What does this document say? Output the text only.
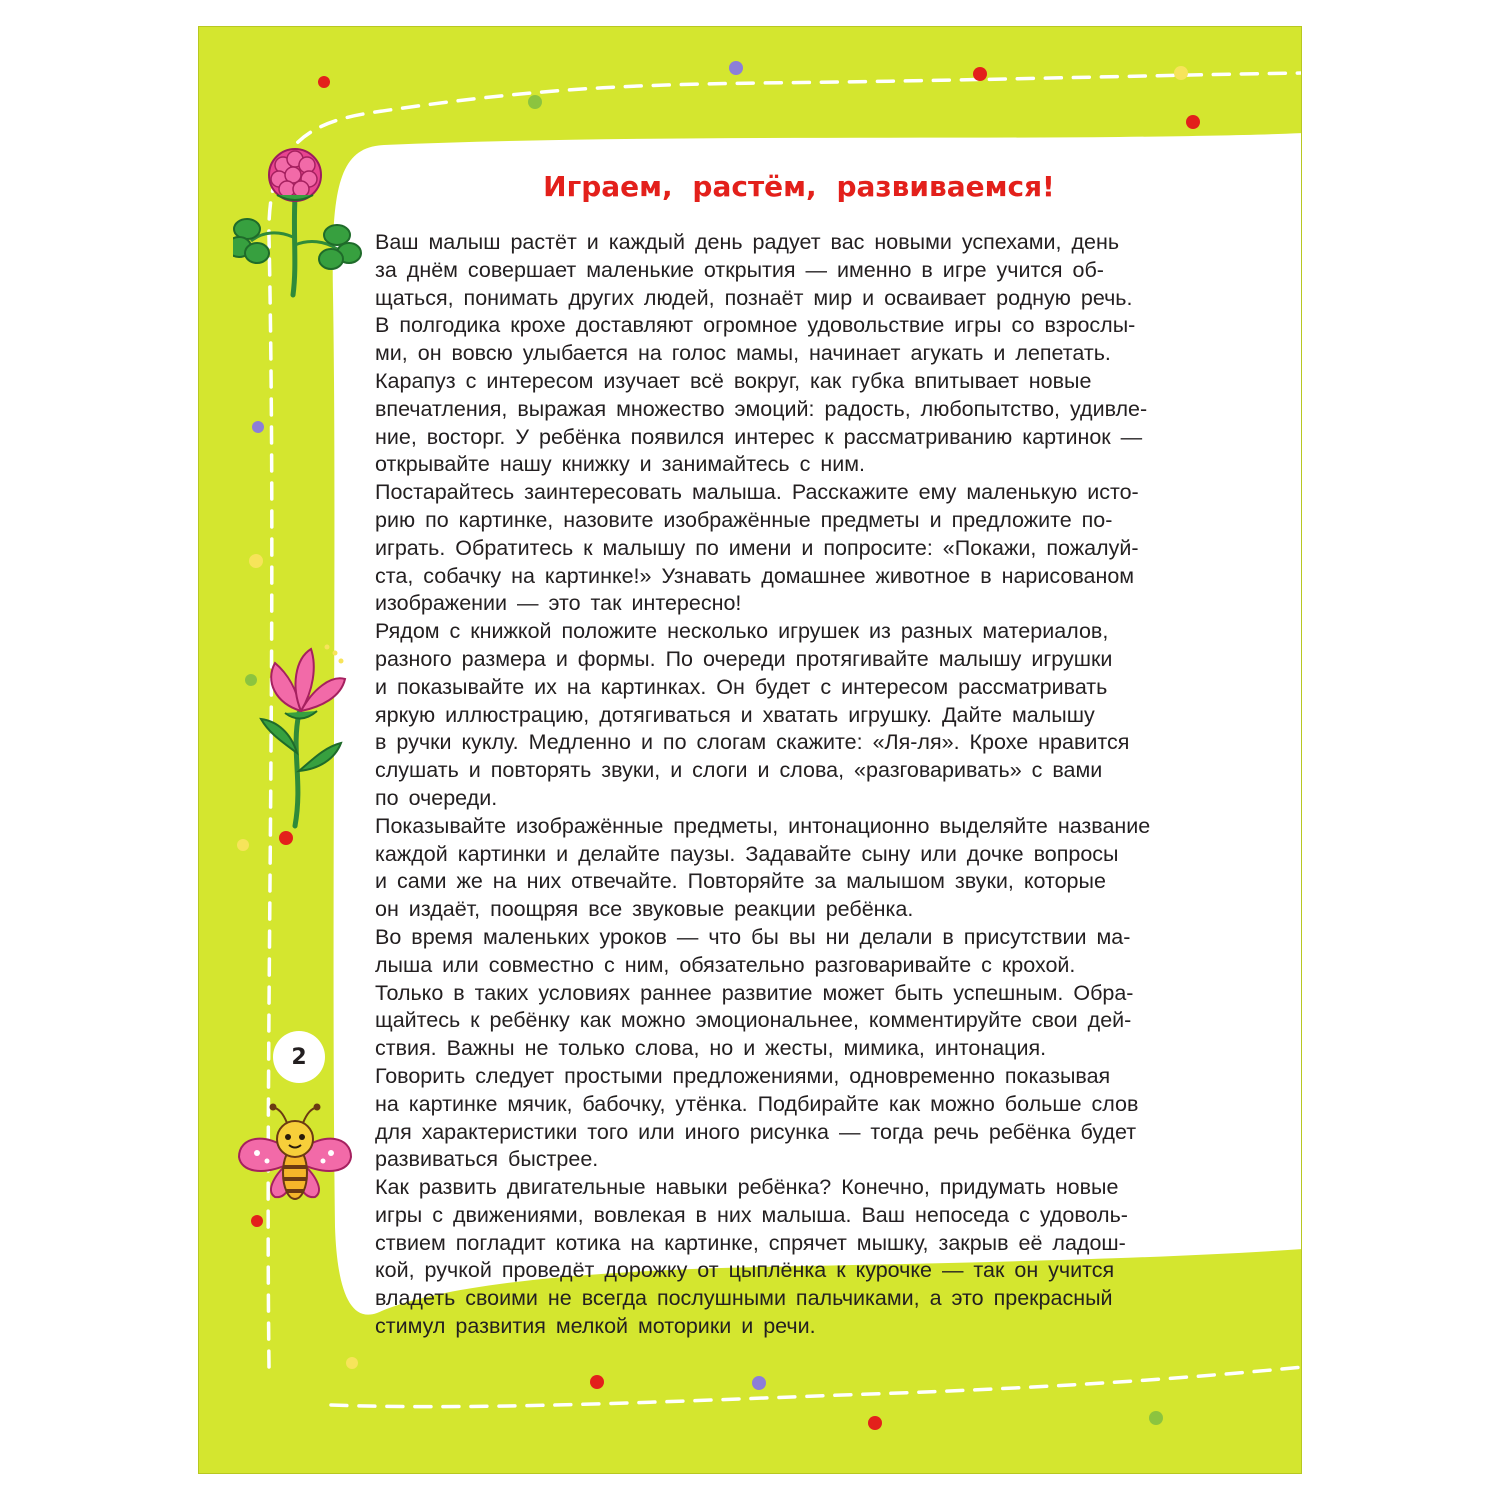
Играем, растём, развиваемся!
Ваш малыш растёт и каждый день радует вас новыми успехами, день
за днём совершает маленькие открытия — именно в игре учится об-
щаться, понимать других людей, познаёт мир и осваивает родную речь.
В полгодика крохе доставляют огромное удовольствие игры со взрослы-
ми, он вовсю улыбается на голос мамы, начинает агукать и лепетать.
Карапуз с интересом изучает всё вокруг, как губка впитывает новые
впечатления, выражая множество эмоций: радость, любопытство, удивле-
ние, восторг. У ребёнка появился интерес к рассматриванию картинок —
открывайте нашу книжку и занимайтесь с ним.
Постарайтесь заинтересовать малыша. Расскажите ему маленькую исто-
рию по картинке, назовите изображённые предметы и предложите по-
играть. Обратитесь к малышу по имени и попросите: «Покажи, пожалуй-
ста, собачку на картинке!» Узнавать домашнее животное в нарисованом
изображении — это так интересно!
Рядом с книжкой положите несколько игрушек из разных материалов,
разного размера и формы. По очереди протягивайте малышу игрушки
и показывайте их на картинках. Он будет с интересом рассматривать
яркую иллюстрацию, дотягиваться и хватать игрушку. Дайте малышу
в ручки куклу. Медленно и по слогам скажите: «Ля-ля». Крохе нравится
слушать и повторять звуки, и слоги и слова, «разговаривать» с вами
по очереди.
Показывайте изображённые предметы, интонационно выделяйте название
каждой картинки и делайте паузы. Задавайте сыну или дочке вопросы
и сами же на них отвечайте. Повторяйте за малышом звуки, которые
он издаёт, поощряя все звуковые реакции ребёнка.
Во время маленьких уроков — что бы вы ни делали в присутствии ма-
лыша или совместно с ним, обязательно разговаривайте с крохой.
Только в таких условиях раннее развитие может быть успешным. Обра-
щайтесь к ребёнку как можно эмоциональнее, комментируйте свои дей-
ствия. Важны не только слова, но и жесты, мимика, интонация.
Говорить следует простыми предложениями, одновременно показывая
на картинке мячик, бабочку, утёнка. Подбирайте как можно больше слов
для характеристики того или иного рисунка — тогда речь ребёнка будет
развиваться быстрее.
Как развить двигательные навыки ребёнка? Конечно, придумать новые
игры с движениями, вовлекая в них малыша. Ваш непоседа с удоволь-
ствием погладит котика на картинке, спрячет мышку, закрыв её ладош-
кой, ручкой проведёт дорожку от цыплёнка к курочке — так он учится
владеть своими не всегда послушными пальчиками, а это прекрасный
стимул развития мелкой моторики и речи.
2
